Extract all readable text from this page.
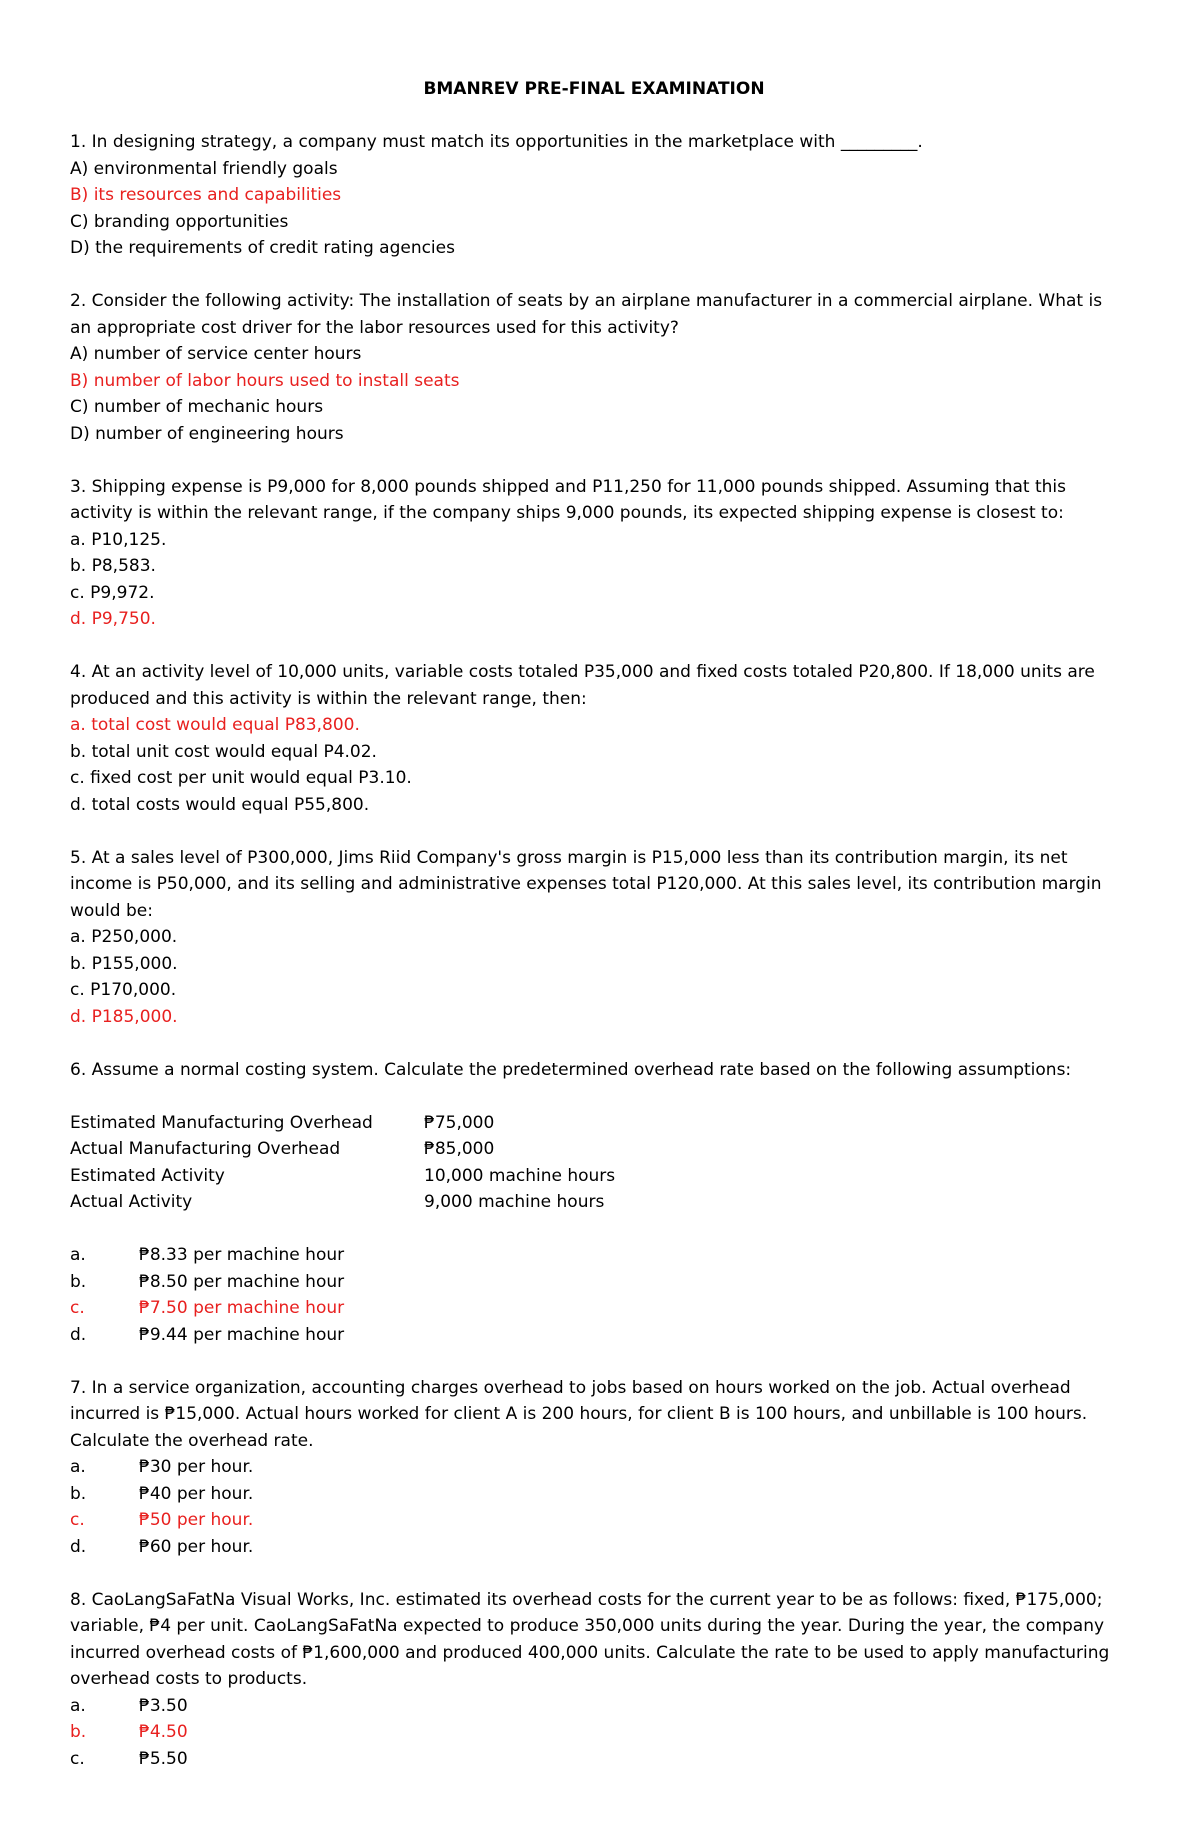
BMANREV PRE-FINAL EXAMINATION

1. In designing strategy, a company must match its opportunities in the marketplace with _________.

A) environmental friendly goals

B) its resources and capabilities

C) branding opportunities

D) the requirements of credit rating agencies

2. Consider the following activity: The installation of seats by an airplane manufacturer in a commercial airplane. What is an appropriate cost driver for the labor resources used for this activity?

A) number of service center hours

B) number of labor hours used to install seats

C) number of mechanic hours

D) number of engineering hours

3. Shipping expense is P9,000 for 8,000 pounds shipped and P11,250 for 11,000 pounds shipped. Assuming that this activity is within the relevant range, if the company ships 9,000 pounds, its expected shipping expense is closest to:

a. P10,125.

b. P8,583.

c. P9,972.

d. P9,750.

4. At an activity level of 10,000 units, variable costs totaled P35,000 and fixed costs totaled P20,800. If 18,000 units are produced and this activity is within the relevant range, then:

a. total cost would equal P83,800.

b. total unit cost would equal P4.02.

c. fixed cost per unit would equal P3.10.

d. total costs would equal P55,800.

5. At a sales level of P300,000, Jims Riid Company's gross margin is P15,000 less than its contribution margin, its net income is P50,000, and its selling and administrative expenses total P120,000. At this sales level, its contribution margin would be:

a. P250,000.

b. P155,000.

c. P170,000.

d. P185,000.

6. Assume a normal costing system. Calculate the predetermined overhead rate based on the following assumptions:

Estimated Manufacturing Overhead	₱75,000
Actual Manufacturing Overhead	₱85,000
Estimated Activity	10,000 machine hours
Actual Activity	9,000 machine hours
a.	₱8.33 per machine hour
b.	₱8.50 per machine hour
c.	₱7.50 per machine hour
d.	₱9.44 per machine hour

7. In a service organization, accounting charges overhead to jobs based on hours worked on the job. Actual overhead incurred is ₱15,000. Actual hours worked for client A is 200 hours, for client B is 100 hours, and unbillable is 100 hours. Calculate the overhead rate.

a.	₱30 per hour.
b.	₱40 per hour.
c.	₱50 per hour.
d.	₱60 per hour.

8. CaoLangSaFatNa Visual Works, Inc. estimated its overhead costs for the current year to be as follows: fixed, ₱175,000; variable, ₱4 per unit. CaoLangSaFatNa expected to produce 350,000 units during the year. During the year, the company incurred overhead costs of ₱1,600,000 and produced 400,000 units. Calculate the rate to be used to apply manufacturing overhead costs to products.

a.	₱3.50
b.	₱4.50
c.	₱5.50
